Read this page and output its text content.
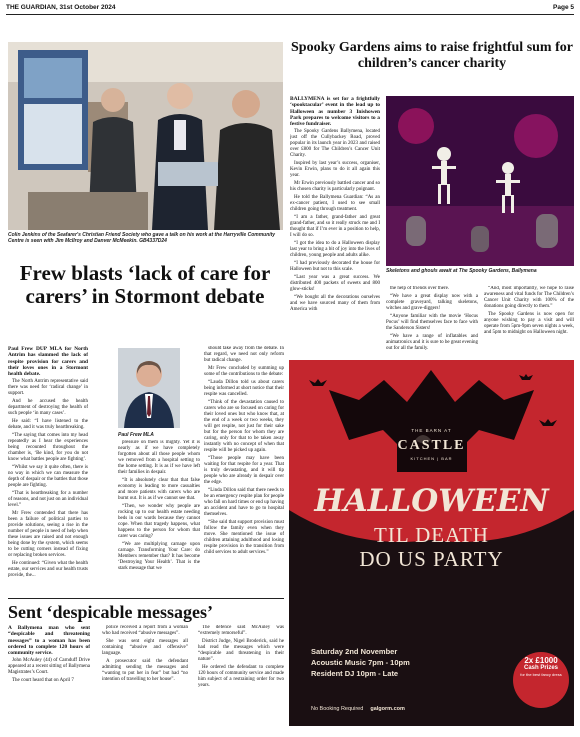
THE GUARDIAN, 31st October 2024	Page 5
Colin Jenkins of the Seafarer's Christian Friend Society who gave a talk on his work at the Harryville Community Centre is seen with Jim McIlroy and Danver McMeekin. GB4337D24
Frew blasts ‘lack of care for carers’ in Stormont debate

Paul Frew DUP MLA for North Antrim has slammed the lack of respite provision for carers and their loves ones in a Stormont health debate.

The North Antrim representative said there was need for ‘radical change’ in support.

And he accused the health department of destroying the health of such people ‘in many cases’.

He said: “I have listened to the debate, and it was truly heartbreaking.

“The saying that comes into my head repeatedly as I hear the experiences being recounted throughout the chamber is, ‘Be kind, for you do not know what battles people are fighting’.

“Whilst we say it quite often, there is no way in which we can measure the depth of despair or the battles that those people are fighting.

“That is heartbreaking for a number of reasons, and not just on an individual level.”

Mr Frew contended that there has been a failure of political parties to provide solutions, seeing a rise in the number of people in need of help when these issues are raised and not enough being done by the system, which seems to be cutting corners instead of fixing or replacing broken services.

He continued: “Given what the health estate, our services and our health trusts provide, the...

Paul Frew MLA

pressure on them is mighty. Yet it is nearly as if we have completely forgotten about all those people whom we removed from a hospital setting to the home setting. It is as if we have left their families in despair.

“It is absolutely clear that that false economy is leading to more casualties and more patients with carers who are burnt out. It is as if we cannot see that.

“Then, we wonder why people are rocking up to our health estate needing beds in our wards because they cannot cope. When that tragedy happens, what happens to the person for whom that carer was caring?

“We are multiplying carnage upon carnage. Transforming Your Care: do Members remember that? It has become ‘Destroying Your Health’. That is the stark message that we

should take away from the debate. In that regard, we need not only reform but radical change.

Mr Frew concluded by summing up some of the contributions to the debate:

“Lauda Dillon told us about carers being informed at short notice that their respite was cancelled.

“Think of the devastation caused to carers who are so focused on caring for their loved ones but who know that, at the end of a week or two weeks, they will get respite, not just for their sake but for the person for whom they are caring, only for that to be taken away instantly with no concept of when that respite will be picked up again.

“Those people may have been waiting for that respite for a year. That is truly devastating, and it will tip people who are already in despair over the edge.

“Linda Dillon said that there needs to be an emergency respite plan for people who fall on hard times or end up having an accident and have to go to hospital themselves.

“She said that support provision must follow the family even when they move. She mentioned the issue of children attaining adulthood and losing respite provision in the transition from child services to adult services.”

Sent ‘despicable messages’

A Ballymena man who sent “despicable and threatening messages” to a woman has been ordered to complete 120 hours of community service.

John McAuley (44) of Carnduff Drive appeared at a recent sitting of Ballymena Magistrates’s Court.

The court heard that on April 7

police received a report from a woman who had received “abusive messages”.

She was sent eight messages all containing “abusive and offensive” language.

A prosecutor said the defendant admitting sending the messages and “wanting to put her in fear” but had “no intention of travelling to her house”.

The defence said McAuley was “extremely remorseful”.

District Judge, Nigel Broderick, said he had read the messages which were “despicable and threatening in their nature”.

He ordered the defendant to complete 120 hours of community service and made him subject of a restraining order for two years.

Spooky Gardens aims to raise frightful sum for children’s cancer charity

BALLYMENA is set for a frightfully ‘spooktacular’ event in the lead up to Halloween as number 3 Inishowen Park prepares to welcome visitors to a festive fundraiser.

The Spooky Gardens Ballymena, located just off the Cullybackey Road, proved popular in its launch year in 2023 and raised over £800 for The Children’s Cancer Unit Charity.

Inspired by last year’s success, organiser, Kevin Erwin, plans to do it all again this year.

Mr Erwin previously battled cancer and so his chosen charity is particularly poignant.

He told the Ballymena Guardian: “As an ex-cancer patient, I used to see small children going through treatment.

“I am a father, grand-father and great grand-father, and so it really struck me and I thought that if I’m ever in a position to help, I will do so.

“I got the idea to do a Halloween display last year to bring a bit of joy into the lives of children, young people and adults alike.

“I had previously decorated the house for Halloween but not to this scale.

“Last year was a great success. We distributed 400 packets of sweets and 800 glow-sticks!

“We bought all the decorations ourselves and we have sourced many of them from America with

Skeletons and ghouls await at The Spooky Gardens, Ballymena

the help of friends over there.

“We have a great display now with a complete graveyard, talking skeletons, witches and grave-diggers!

“Anyone familiar with the movie ‘Hocus Pocus’ will find themselves face to face with the Sanderson Sisters!

“We have a range of inflatables and animatronics and it is sure to be great evening out for all the family.

“And, most importantly, we hope to raise awareness and vital funds for The Children’s Cancer Unit Charity with 100% of the donations going directly to them.”

The Spooky Gardens is now open for anyone wishing to pay a visit and will operate from 5pm-9pm seven nights a week, and 5pm to midnight on Halloween night.

THE BARN AT
CASTLE
KITCHEN | BAR
HALLOWEEN
TIL DEATH
DO US PARTY
Saturday 2nd November
Acoustic Music 7pm - 10pm
Resident DJ 10pm - Late
2x £1000
Cash Prizes
for the best fancy dress
No Booking Required galgorm.com
